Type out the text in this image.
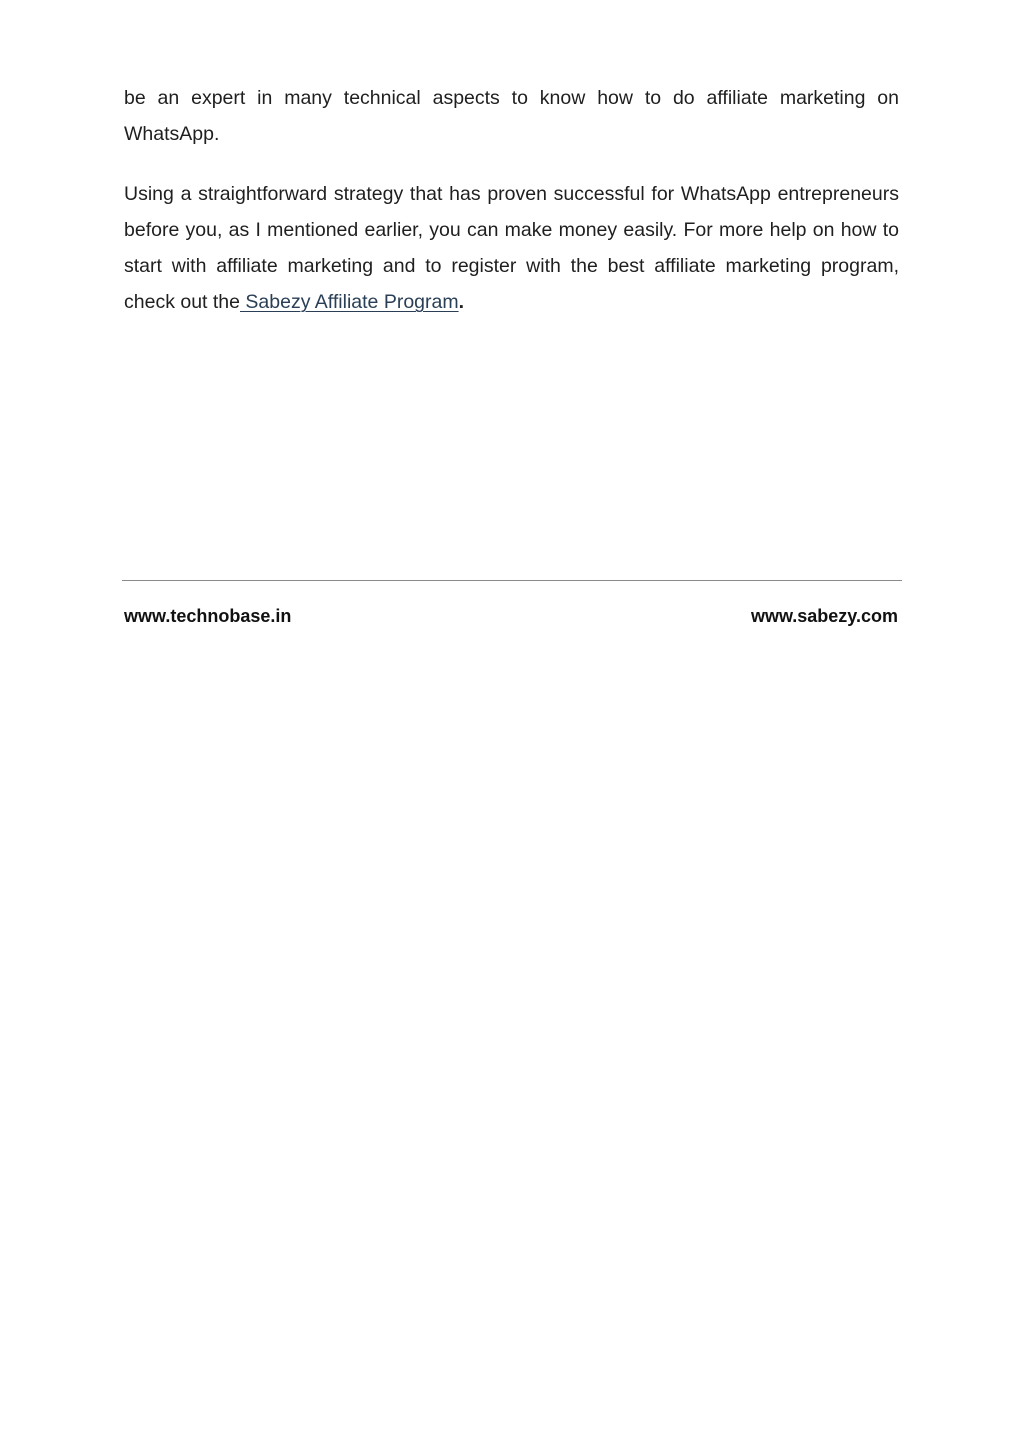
be an expert in many technical aspects to know how to do affiliate marketing on WhatsApp.

Using a straightforward strategy that has proven successful for WhatsApp entrepreneurs before you, as I mentioned earlier, you can make money easily. For more help on how to start with affiliate marketing and to register with the best affiliate marketing program, check out the Sabezy Affiliate Program.

www.technobase.in	www.sabezy.com
